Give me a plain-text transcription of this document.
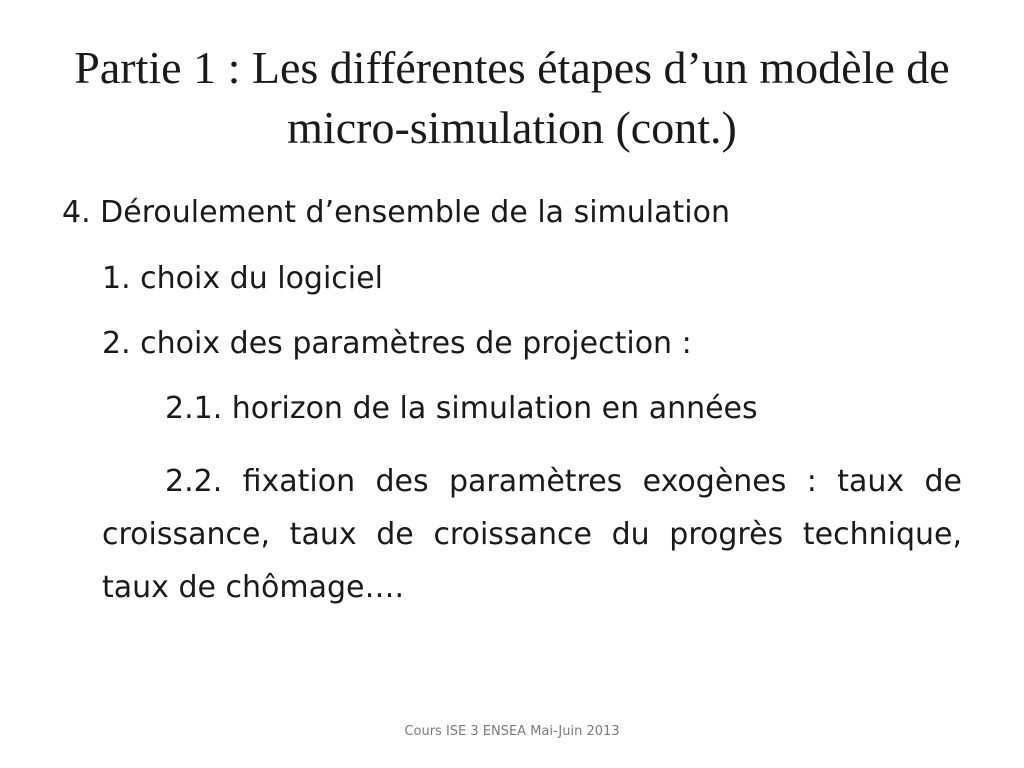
Partie 1 : Les différentes étapes d’un modèle de micro-simulation (cont.)
4. Déroulement d’ensemble de la simulation
1. choix du logiciel
2. choix des paramètres de projection :
2.1. horizon de la simulation en années
2.2. fixation des paramètres exogènes : taux de croissance, taux de croissance du progrès technique, taux de chômage….
Cours ISE 3 ENSEA Mai-Juin 2013
